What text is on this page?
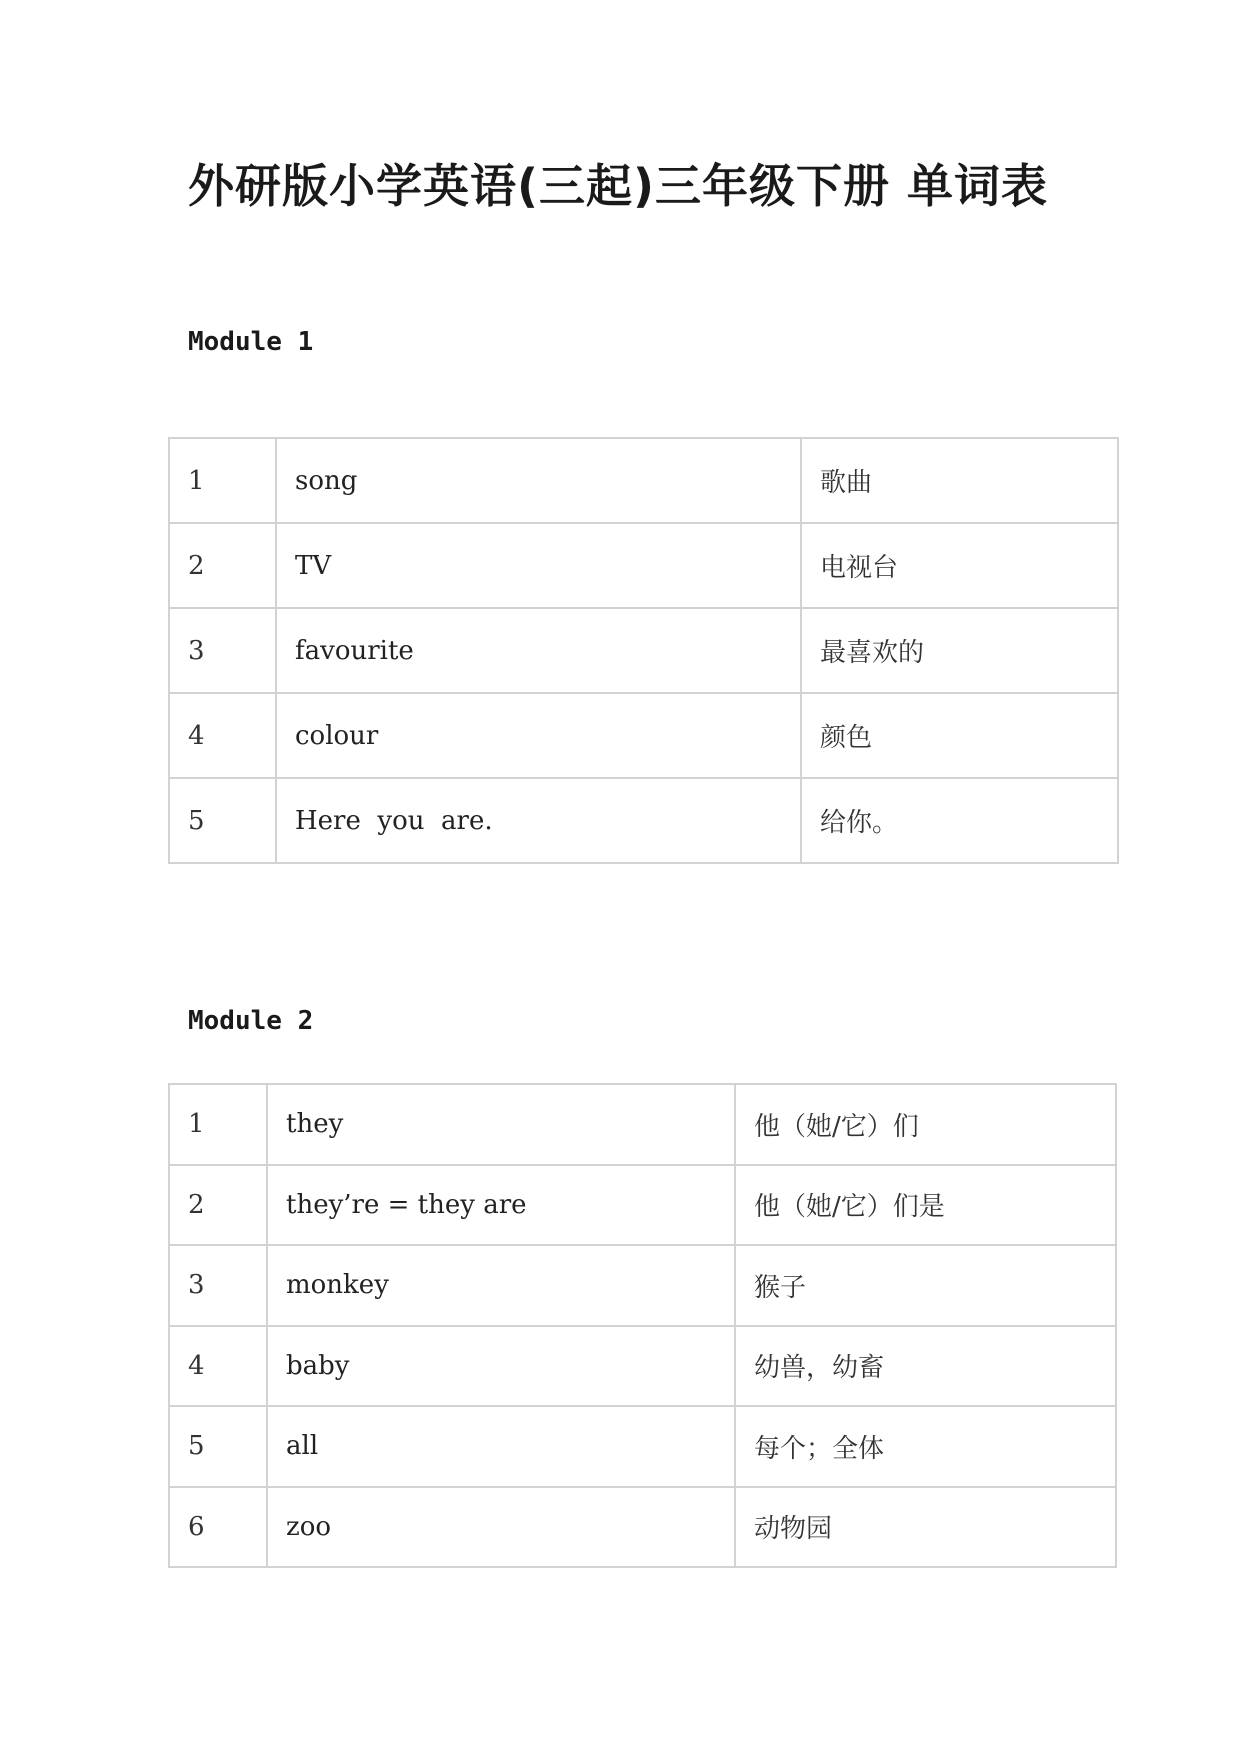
外研版小学英语(三起)三年级下册 单词表
Module 1
1	song	歌曲
2	TV	电视台
3	favourite	最喜欢的
4	colour	颜色
5	Here  you  are.	给你。
Module 2
1	they	他（她/它）们
2	they’re = they are	他（她/它）们是
3	monkey	猴子
4	baby	幼兽，幼畜
5	all	每个；全体
6	zoo	动物园
